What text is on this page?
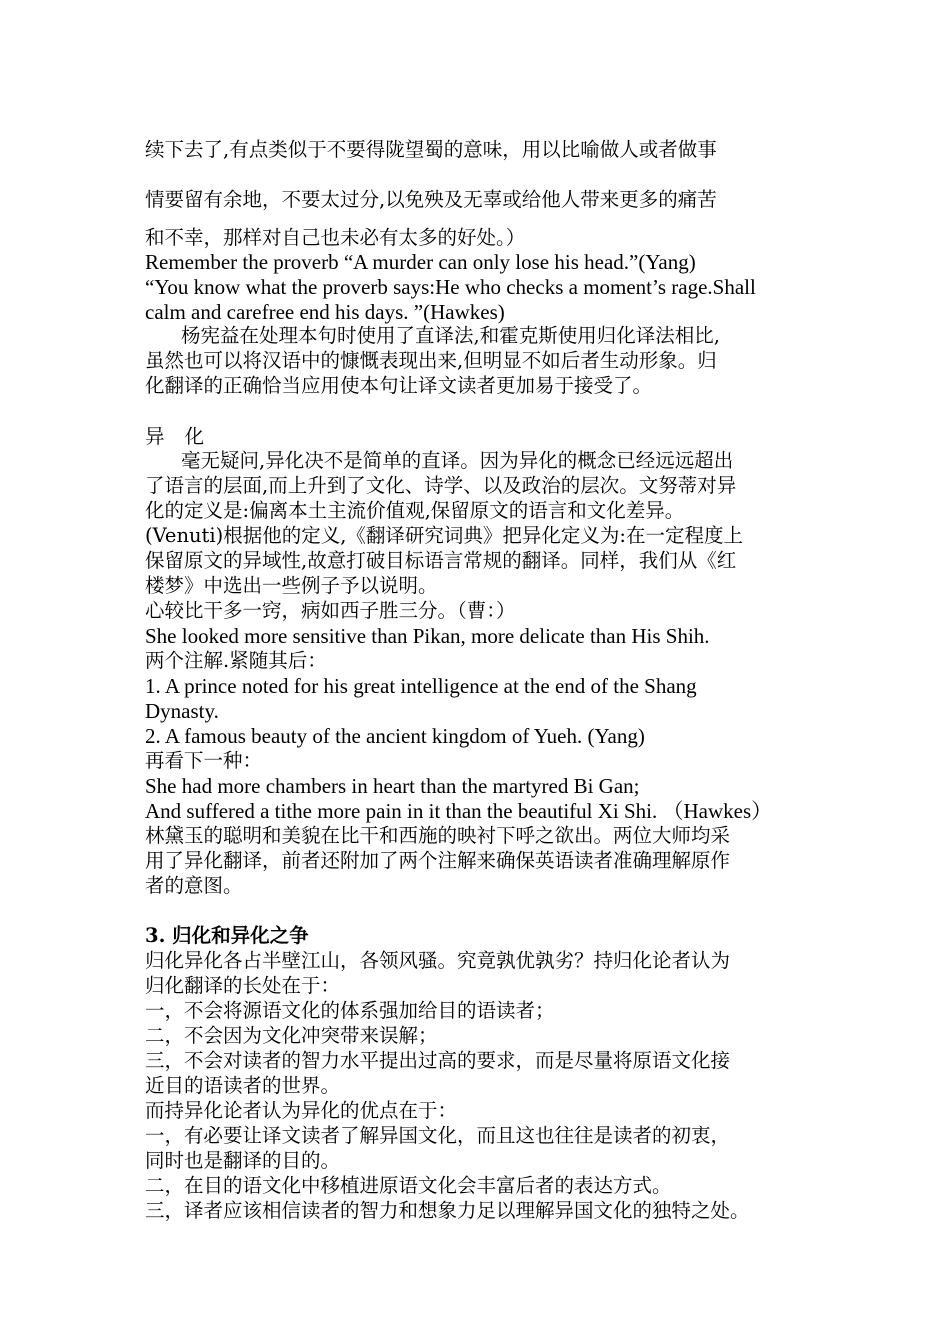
续下去了,有点类似于不要得陇望蜀的意味，用以比喻做人或者做事
情要留有余地，不要太过分,以免殃及无辜或给他人带来更多的痛苦
和不幸，那样对自己也未必有太多的好处。）
Remember the proverb “A murder can only lose his head.”(Yang)
“You know what the proverb says:He who checks a moment’s rage.Shall
calm and carefree end his days. ”(Hawkes)
杨宪益在处理本句时使用了直译法,和霍克斯使用归化译法相比,
虽然也可以将汉语中的慷慨表现出来,但明显不如后者生动形象。归
化翻译的正确恰当应用使本句让译文读者更加易于接受了。
异 化
毫无疑问,异化决不是简单的直译。因为异化的概念已经远远超出
了语言的层面,而上升到了文化、诗学、以及政治的层次。文努蒂对异
化的定义是:偏离本土主流价值观,保留原文的语言和文化差异。
(Venuti)根据他的定义,《翻译研究词典》把异化定义为:在一定程度上
保留原文的异域性,故意打破目标语言常规的翻译。同样，我们从《红
楼梦》中选出一些例子予以说明。
心较比干多一窍，病如西子胜三分。（曹：）
She looked more sensitive than Pikan, more delicate than His Shih.
两个注解.紧随其后：
1. A prince noted for his great intelligence at the end of the Shang
Dynasty.
2. A famous beauty of the ancient kingdom of Yueh. (Yang)
再看下一种：
She had more chambers in heart than the martyred Bi Gan;
And suffered a tithe more pain in it than the beautiful Xi Shi. （Hawkes）
林黛玉的聪明和美貌在比干和西施的映衬下呼之欲出。两位大师均采
用了异化翻译，前者还附加了两个注解来确保英语读者准确理解原作
者的意图。
3. 归化和异化之争
归化异化各占半壁江山，各领风骚。究竟孰优孰劣？持归化论者认为
归化翻译的长处在于：
一，不会将源语文化的体系强加给目的语读者；
二，不会因为文化冲突带来误解；
三，不会对读者的智力水平提出过高的要求，而是尽量将原语文化接
近目的语读者的世界。
而持异化论者认为异化的优点在于：
一，有必要让译文读者了解异国文化，而且这也往往是读者的初衷，
同时也是翻译的目的。
二，在目的语文化中移植进原语文化会丰富后者的表达方式。
三，译者应该相信读者的智力和想象力足以理解异国文化的独特之处。
